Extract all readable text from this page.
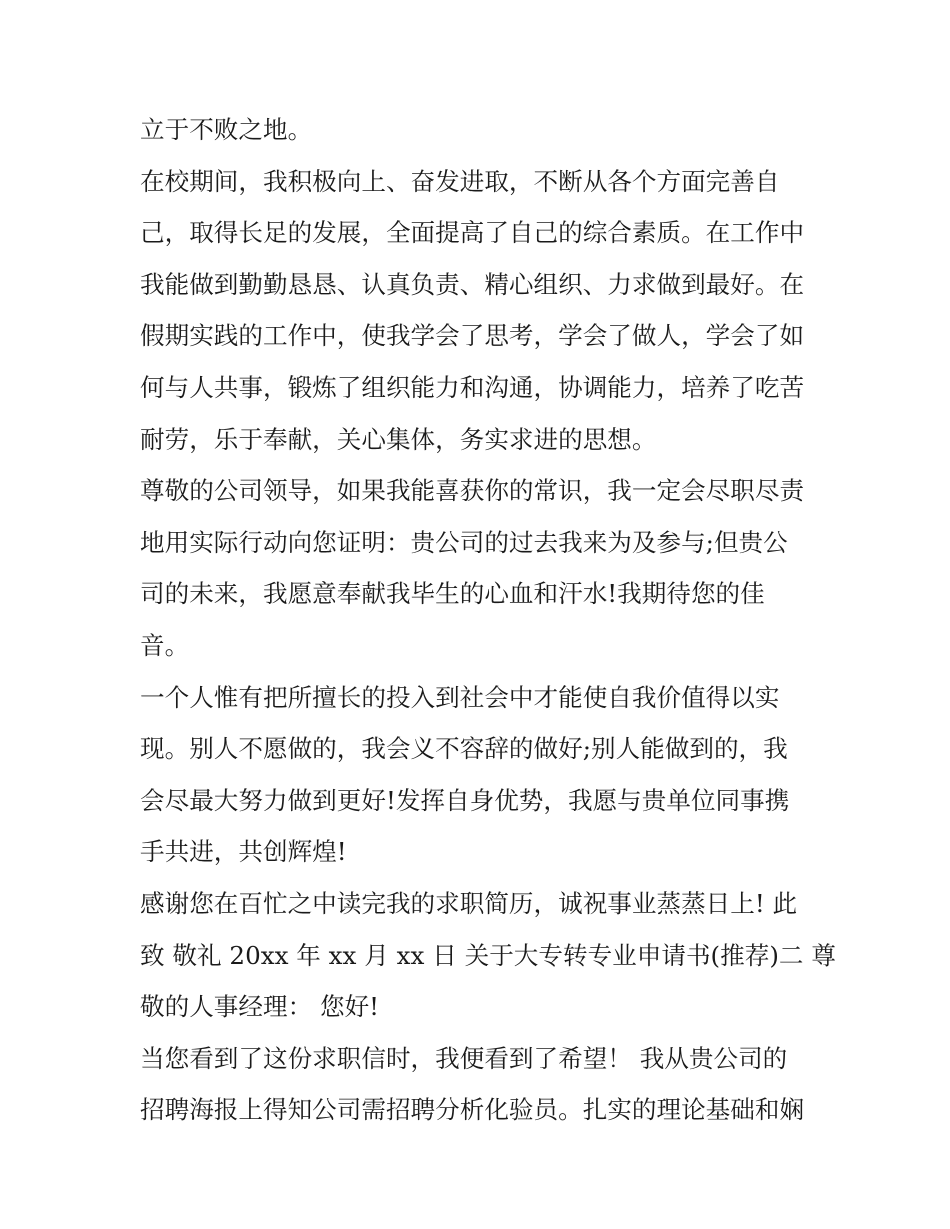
立于不败之地。
在校期间，我积极向上、奋发进取，不断从各个方面完善自
己，取得长足的发展，全面提高了自己的综合素质。在工作中
我能做到勤勤恳恳、认真负责、精心组织、力求做到最好。在
假期实践的工作中，使我学会了思考，学会了做人，学会了如
何与人共事，锻炼了组织能力和沟通，协调能力，培养了吃苦
耐劳，乐于奉献，关心集体，务实求进的思想。
尊敬的公司领导，如果我能喜获你的常识，我一定会尽职尽责
地用实际行动向您证明：贵公司的过去我来为及参与;但贵公
司的未来，我愿意奉献我毕生的心血和汗水!我期待您的佳
音。
一个人惟有把所擅长的投入到社会中才能使自我价值得以实
现。别人不愿做的，我会义不容辞的做好;别人能做到的，我
会尽最大努力做到更好!发挥自身优势，我愿与贵单位同事携
手共进，共创辉煌!
感谢您在百忙之中读完我的求职简历，诚祝事业蒸蒸日上! 此
致 敬礼 20xx 年 xx 月 xx 日 关于大专转专业申请书(推荐)二 尊
敬的人事经理： 您好!
当您看到了这份求职信时，我便看到了希望！ 我从贵公司的
招聘海报上得知公司需招聘分析化验员。扎实的理论基础和娴
